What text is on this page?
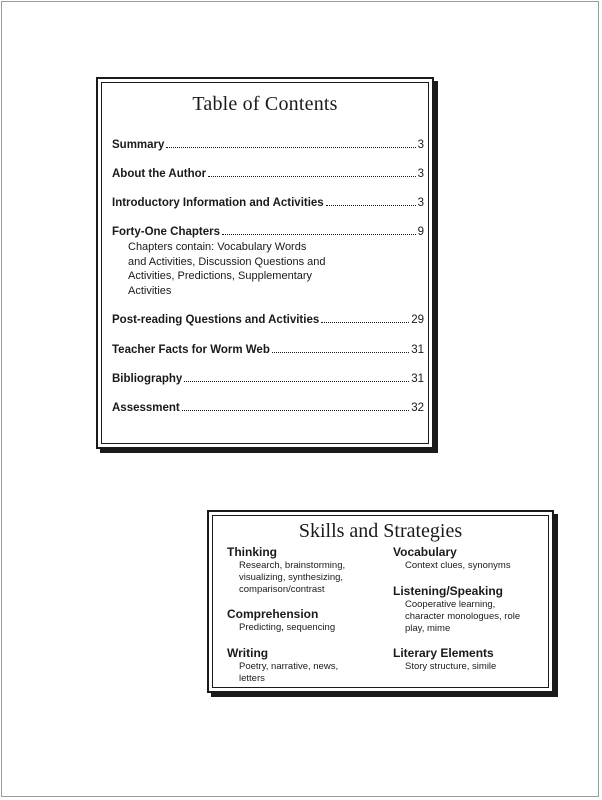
Table of Contents
Summary	3
About the Author	3
Introductory Information and Activities	3
Forty-One Chapters	9
Chapters contain: Vocabulary Words
and Activities, Discussion Questions and
Activities, Predictions, Supplementary
Activities
Post-reading Questions and Activities	29
Teacher Facts for Worm Web	31
Bibliography	31
Assessment	32
Skills and Strategies
Thinking
Research, brainstorming,
visualizing, synthesizing,
comparison/contrast
Comprehension
Predicting, sequencing
Writing
Poetry, narrative, news,
letters
Vocabulary
Context clues, synonyms
Listening/Speaking
Cooperative learning,
character monologues, role
play, mime
Literary Elements
Story structure, simile
